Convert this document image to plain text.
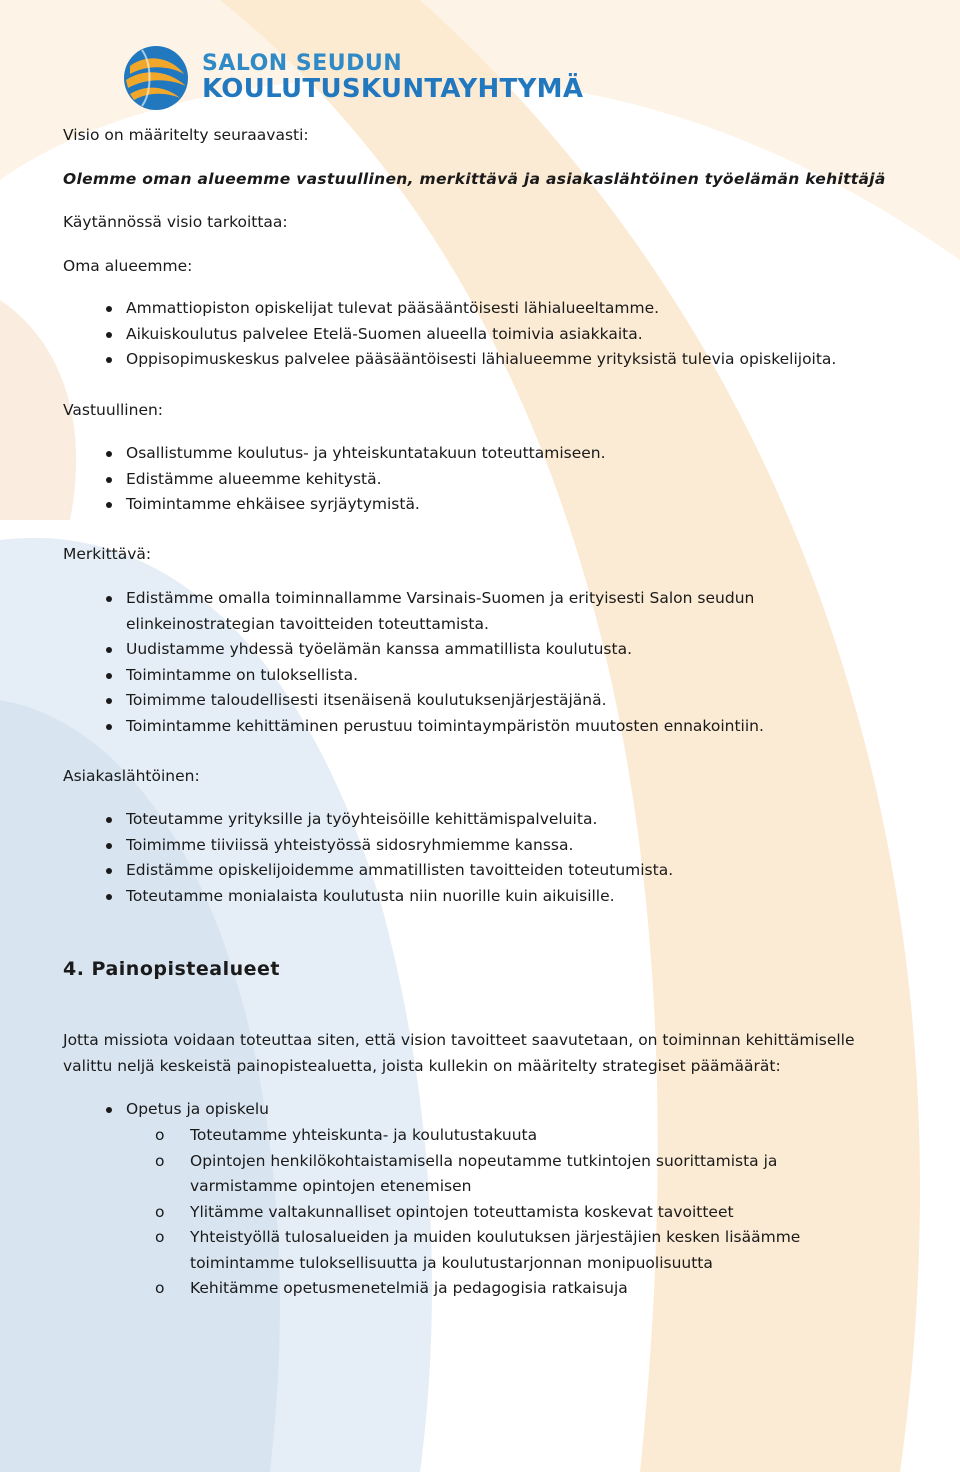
SALON SEUDUN
KOULUTUSKUNTAYHTYMÄ
Visio on määritelty seuraavasti:
Olemme oman alueemme vastuullinen, merkittävä ja asiakaslähtöinen työelämän kehittäjä
Käytännössä visio tarkoittaa:
Oma alueemme:
Ammattiopiston opiskelijat tulevat pääsääntöisesti lähialueeltamme.
Aikuiskoulutus palvelee Etelä-Suomen alueella toimivia asiakkaita.
Oppisopimuskeskus palvelee pääsääntöisesti lähialueemme yrityksistä tulevia opiskelijoita.
Vastuullinen:
Osallistumme koulutus- ja yhteiskuntatakuun toteuttamiseen.
Edistämme alueemme kehitystä.
Toimintamme ehkäisee syrjäytymistä.
Merkittävä:
Edistämme omalla toiminnallamme Varsinais-Suomen ja erityisesti Salon seudun
elinkeinostrategian tavoitteiden toteuttamista.
Uudistamme yhdessä työelämän kanssa ammatillista koulutusta.
Toimintamme on tuloksellista.
Toimimme taloudellisesti itsenäisenä koulutuksenjärjestäjänä.
Toimintamme kehittäminen perustuu toimintaympäristön muutosten ennakointiin.
Asiakaslähtöinen:
Toteutamme yrityksille ja työyhteisöille kehittämispalveluita.
Toimimme tiiviissä yhteistyössä sidosryhmiemme kanssa.
Edistämme opiskelijoidemme ammatillisten tavoitteiden toteutumista.
Toteutamme monialaista koulutusta niin nuorille kuin aikuisille.
4. Painopistealueet
Jotta missiota voidaan toteuttaa siten, että vision tavoitteet saavutetaan, on toiminnan kehittämiselle
valittu neljä keskeistä painopistealuetta, joista kullekin on määritelty strategiset päämäärät:
Opetus ja opiskelu
o Toteutamme yhteiskunta- ja koulutustakuuta
o Opintojen henkilökohtaistamisella nopeutamme tutkintojen suorittamista ja
varmistamme opintojen etenemisen
o Ylitämme valtakunnalliset opintojen toteuttamista koskevat tavoitteet
o Yhteistyöllä tulosalueiden ja muiden koulutuksen järjestäjien kesken lisäämme
toimintamme tuloksellisuutta ja koulutustarjonnan monipuolisuutta
o Kehitämme opetusmenetelmiä ja pedagogisia ratkaisuja
